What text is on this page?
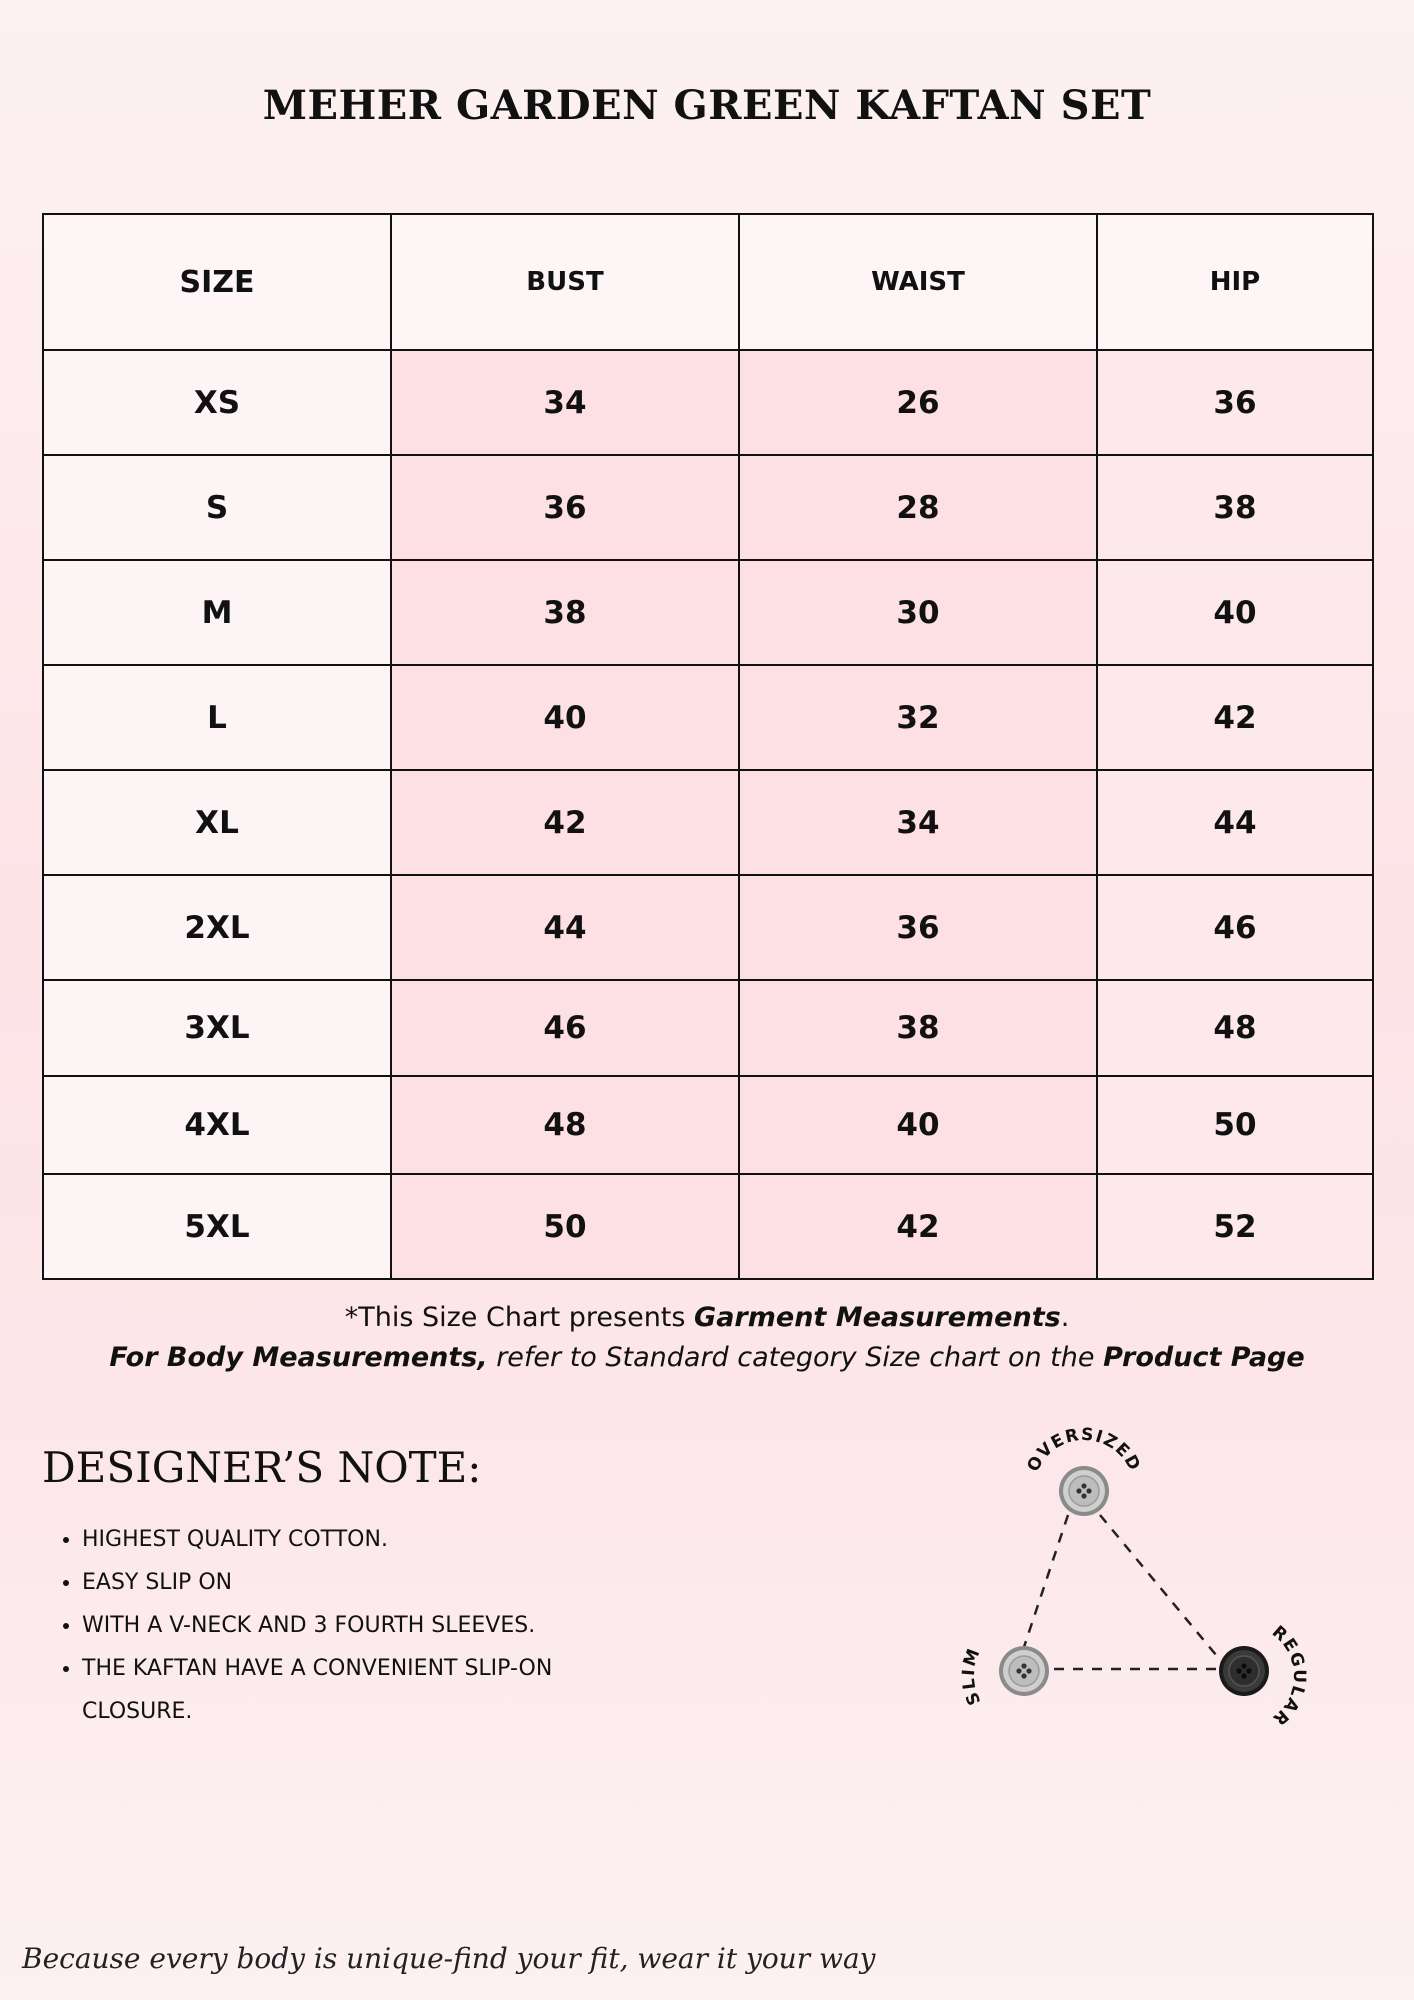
MEHER GARDEN GREEN KAFTAN SET
SIZE	BUST	WAIST	HIP
XS	34	26	36
S	36	28	38
M	38	30	40
L	40	32	42
XL	42	34	44
2XL	44	36	46
3XL	46	38	48
4XL	48	40	50
5XL	50	42	52
*This Size Chart presents Garment Measurements.
For Body Measurements, refer to Standard category Size chart on the Product Page
DESIGNER’S NOTE:
• HIGHEST QUALITY COTTON.
• EASY SLIP ON
• WITH A V-NECK AND 3 FOURTH SLEEVES.
• THE KAFTAN HAVE A CONVENIENT SLIP-ON CLOSURE.
OVERSIZED
SLIM
REGULAR
Because every body is unique-find your fit, wear it your way
